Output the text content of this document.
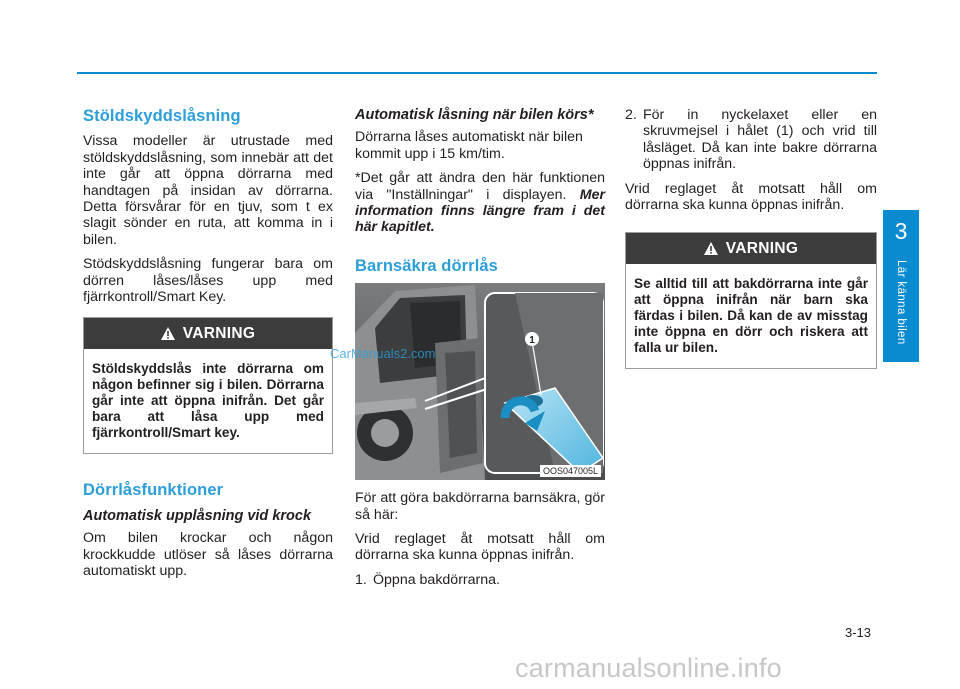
Stöldskyddslåsning

Vissa modeller är utrustade med stöldskyddslåsning, som innebär att det inte går att öppna dörrarna med handtagen på insidan av dörrarna. Detta försvårar för en tjuv, som t ex slagit sönder en ruta, att komma in i bilen.

Stödskyddslåsning fungerar bara om dörren låses/låses upp med fjärrkontroll/Smart Key.

VARNING
Stöldskyddslås inte dörrarna om någon befinner sig i bilen. Dörrarna går inte att öppna inifrån. Det går bara att låsa upp med fjärrkontroll/Smart key.
Dörrlåsfunktioner
Automatisk upplåsning vid krock

Om bilen krockar och någon krockkudde utlöser så låses dörrarna automatiskt upp.

Automatisk låsning när bilen körs*

Dörrarna låses automatiskt när bilen kommit upp i 15 km/tim.

*Det går att ändra den här funktionen via "Inställningar" i displayen. Mer information finns längre fram i det här kapitlet.

Barnsäkra dörrlås
1
OOS047005L

För att göra bakdörrarna barnsäkra, gör så här:

Vrid reglaget åt motsatt håll om dörrarna ska kunna öppnas inifrån.

1. Öppna bakdörrarna.
2. För in nyckelaxet eller en skruvmejsel i hålet (1) och vrid till låsläget. Då kan inte bakre dörrarna öppnas inifrån.

Vrid reglaget åt motsatt håll om dörrarna ska kunna öppnas inifrån.

VARNING
Se alltid till att bakdörrarna inte går att öppna inifrån när barn ska färdas i bilen. Då kan de av misstag inte öppna en dörr och riskera att falla ur bilen.
3
Lär känna bilen
3-13
CarManuals2.com
carmanualsonline.info
